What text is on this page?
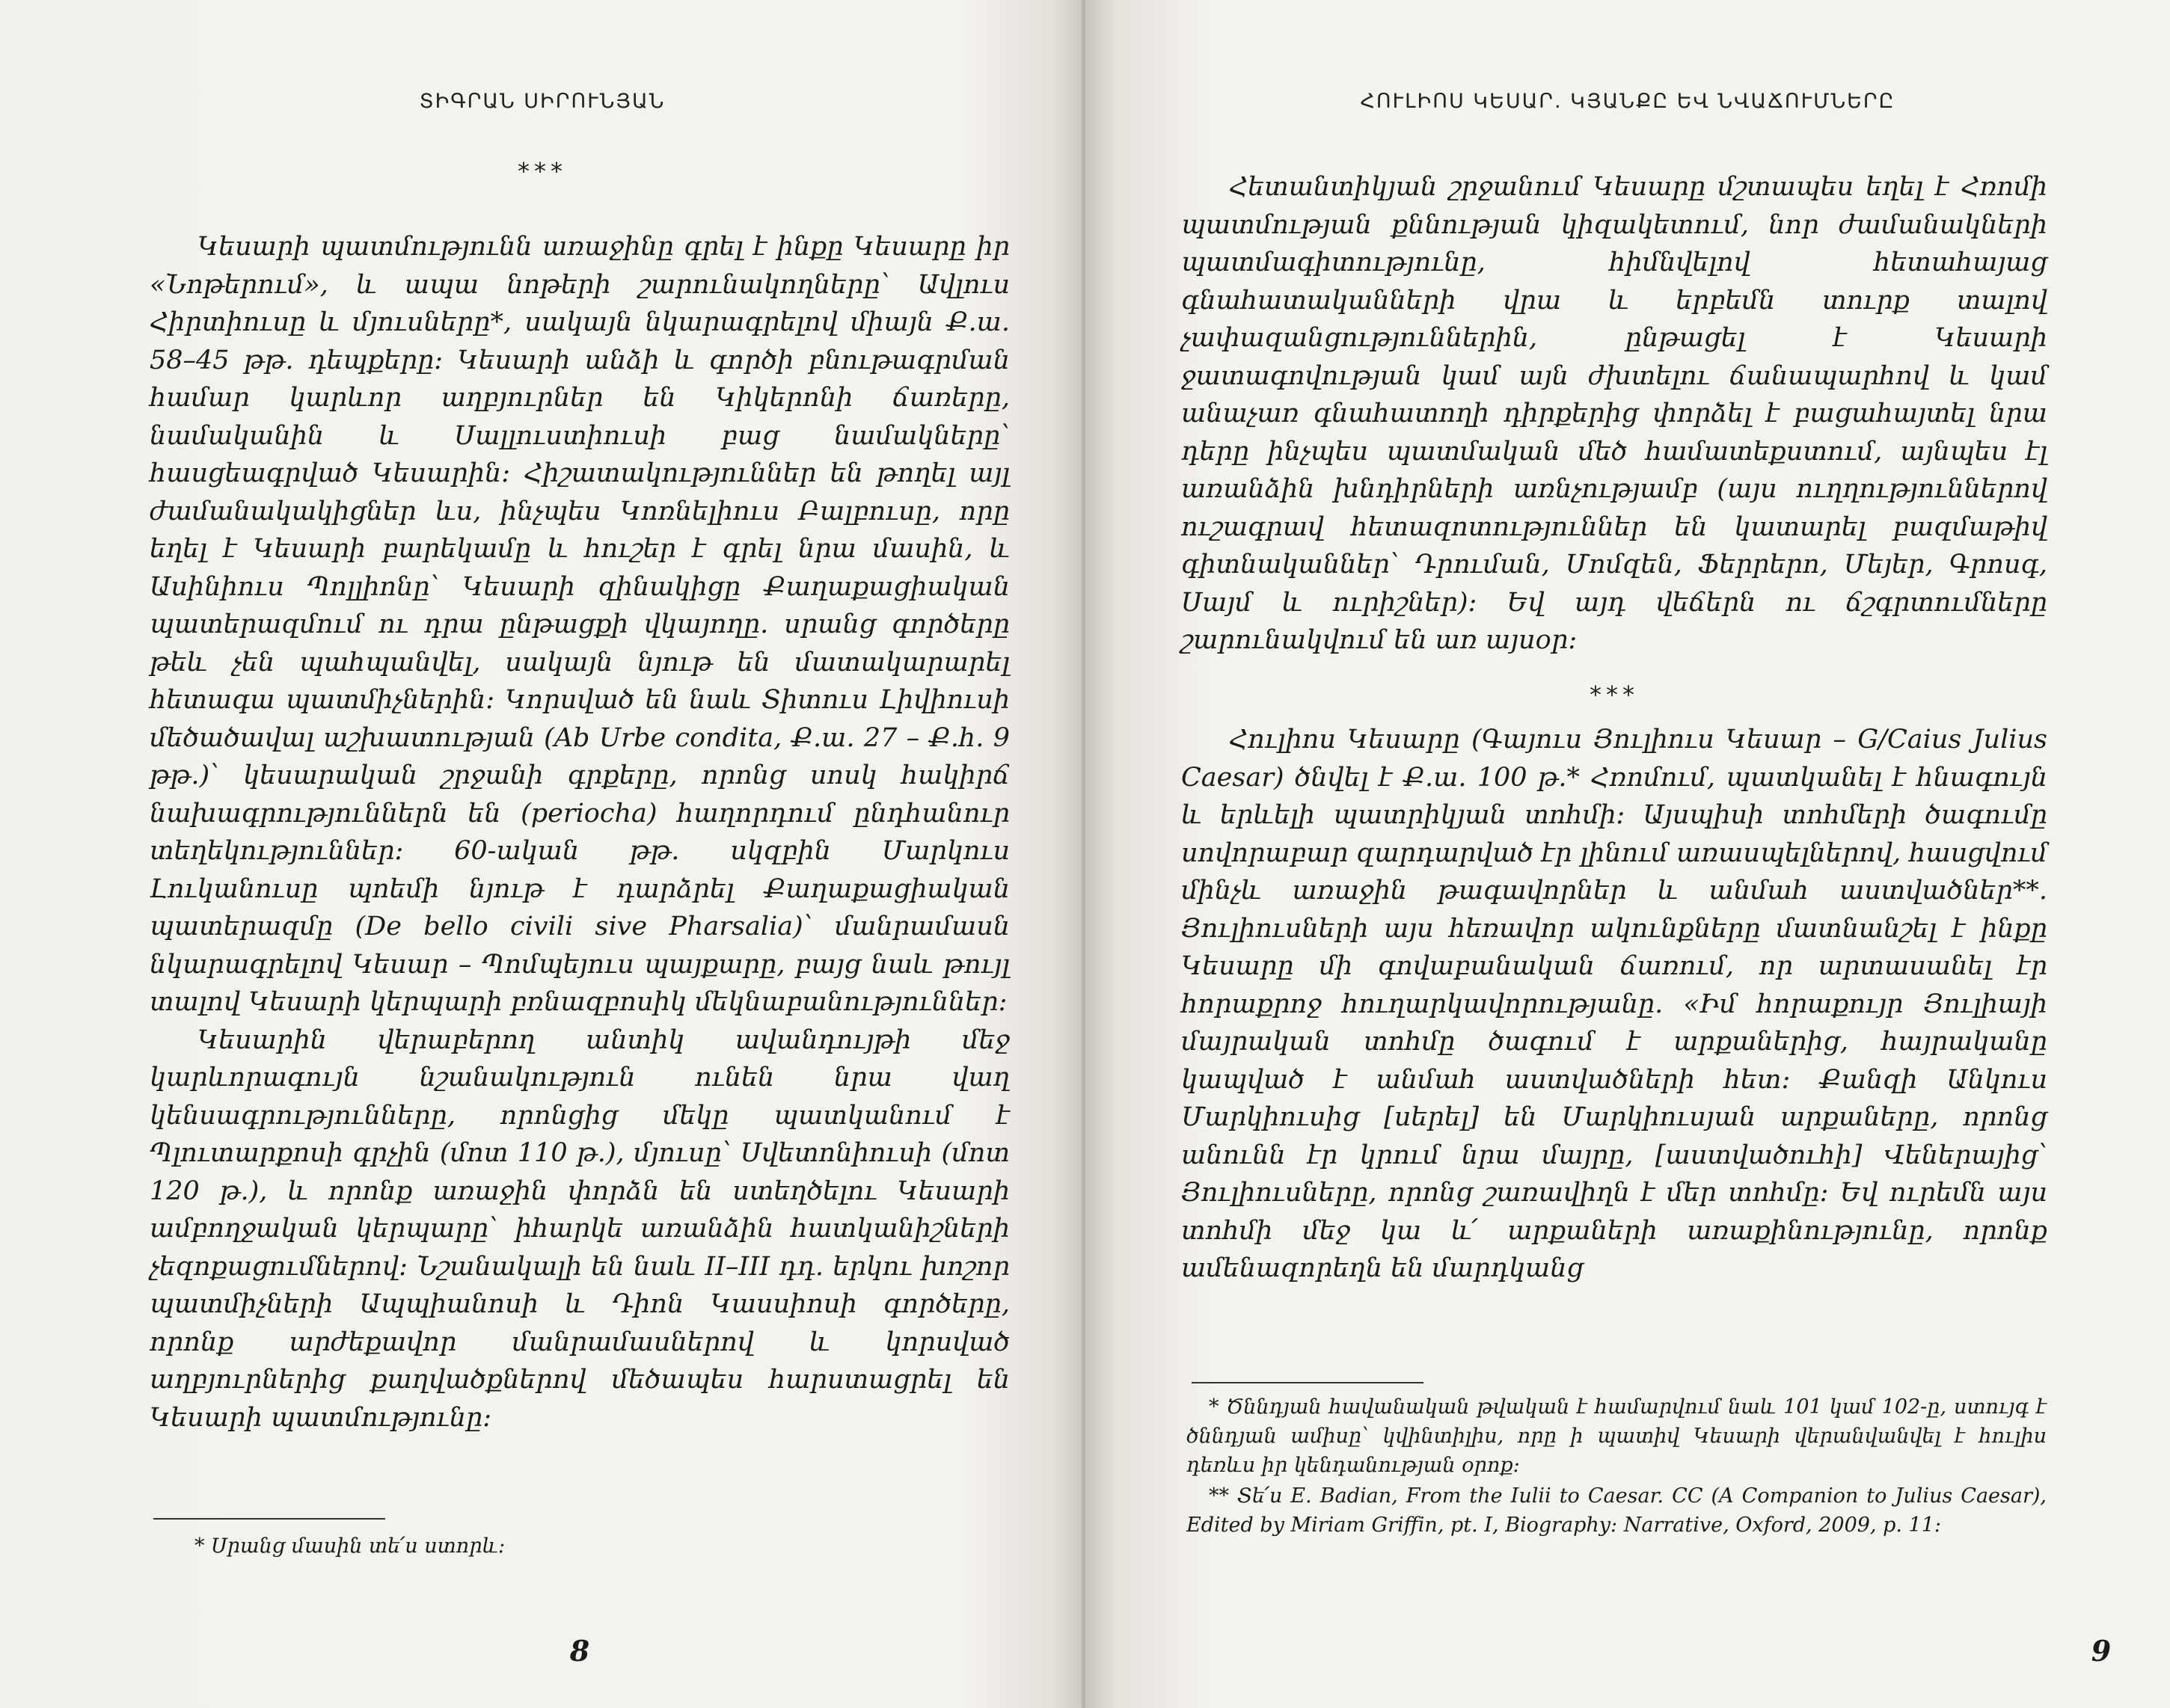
ՏԻԳՐԱՆ ՍԻՐՈՒՆՅԱՆ
***

Կեսարի պատմությունն առաջինը գրել է ինքը Կեսարը իր «Նոթերում», և ապա նոթերի շարունակողները՝ Ավլուս Հիրտիուսը և մյուսները*, սակայն նկարագրելով միայն Ք.ա. 58–45 թթ. դեպքերը: Կեսարի անձի և գործի բնութագրման համար կարևոր աղբյուրներ են Կիկերոնի ճառերը, նամականին և Սալլուստիուսի բաց նամակները՝ հասցեագրված Կեսարին: Հիշատակություններ են թողել այլ ժամանակակիցներ ևս, ինչպես Կոռնելիուս Բալբուսը, որը եղել է Կեսարի բարեկամը և հուշեր է գրել նրա մասին, և Ասինիուս Պոլլիոնը՝ Կեսարի զինակիցը Քաղաքացիական պատերազմում ու դրա ընթացքի վկայողը. սրանց գործերը թեև չեն պահպանվել, սակայն նյութ են մատակարարել հետագա պատմիչներին: Կորսված են նաև Տիտուս Լիվիուսի մեծածավալ աշխատության (Ab Urbe condita, Ք.ա. 27 – Ք.հ. 9 թթ.)՝ կեսարական շրջանի գրքերը, որոնց սոսկ հակիրճ նախագրություններն են (periocha) հաղորդում ընդհանուր տեղեկություններ: 60-ական թթ. սկզբին Մարկուս Լուկանուսը պոեմի նյութ է դարձրել Քաղաքացիական պատերազմը (De bello civili sive Pharsalia)՝ մանրամասն նկարագրելով Կեսար – Պոմպեյուս պայքարը, բայց նաև թույլ տալով Կեսարի կերպարի բռնազբոսիկ մեկնաբանություններ:

Կեսարին վերաբերող անտիկ ավանդույթի մեջ կարևորագույն նշանակություն ունեն նրա վաղ կենսագրությունները, որոնցից մեկը պատկանում է Պլուտարքոսի գրչին (մոտ 110 թ.), մյուսը՝ Սվետոնիուսի (մոտ 120 թ.), և որոնք առաջին փորձն են ստեղծելու Կեսարի ամբողջական կերպարը՝ իհարկե առանձին հատկանիշների չեզոքացումներով: Նշանակալի են նաև II–III դդ. երկու խոշոր պատմիչների Ապպիանոսի և Դիոն Կասսիոսի գործերը, որոնք արժեքավոր մանրամասներով և կորսված աղբյուրներից քաղվածքներով մեծապես հարստացրել են Կեսարի պատմությունը:

* Սրանց մասին տե՛ս ստորև:

8
ՀՈՒԼԻՈՍ ԿԵՍԱՐ. ԿՅԱՆՔԸ ԵՎ ՆՎԱՃՈՒՄՆԵՐԸ

Հետանտիկյան շրջանում Կեսարը մշտապես եղել է Հռոմի պատմության քննության կիզակետում, նոր ժամանակների պատմագիտությունը, հիմնվելով հետահայաց գնահատականների վրա և երբեմն տուրք տալով չափազանցություններին, ընթացել է Կեսարի ջատագովության կամ այն ժխտելու ճանապարհով և կամ անաչառ գնահատողի դիրքերից փորձել է բացահայտել նրա դերը ինչպես պատմական մեծ համատեքստում, այնպես էլ առանձին խնդիրների առնչությամբ (այս ուղղություններով ուշագրավ հետազոտություններ են կատարել բազմաթիվ գիտնականներ՝ Դրուման, Մոմզեն, Ֆերրերո, Մեյեր, Գրոսգ, Սայմ և ուրիշներ): Եվ այդ վեճերն ու ճշգրտումները շարունակվում են առ այսօր:

***

Հուլիոս Կեսարը (Գայուս Յուլիուս Կեսար – G/Caius Julius Caesar) ծնվել է Ք.ա. 100 թ.* Հռոմում, պատկանել է հնագույն և երևելի պատրիկյան տոհմի: Այսպիսի տոհմերի ծագումը սովորաբար զարդարված էր լինում առասպելներով, հասցվում մինչև առաջին թագավորներ և անմահ աստվածներ**. Յուլիուսների այս հեռավոր ակունքները մատնանշել է ինքը Կեսարը մի գովաբանական ճառում, որ արտասանել էր հորաքրոջ հուղարկավորությանը. «Իմ հորաքույր Յուլիայի մայրական տոհմը ծագում է արքաներից, հայրականը կապված է անմահ աստվածների հետ: Քանզի Անկուս Մարկիուսից [սերել] են Մարկիուսյան արքաները, որոնց անունն էր կրում նրա մայրը, [աստվածուհի] Վեներայից՝ Յուլիուսները, որոնց շառավիղն է մեր տոհմը: Եվ ուրեմն այս տոհմի մեջ կա և՛ արքաների առաքինությունը, որոնք ամենազորեղն են մարդկանց

* Ծննդյան հավանական թվական է համարվում նաև 101 կամ 102-ը, ստույգ է ծննդյան ամիսը՝ կվինտիլիս, որը ի պատիվ Կեսարի վերանվանվել է հուլիս դեռևս իր կենդանության օրոք:

** Տե՛ս E. Badian, From the Iulii to Caesar. CC (A Companion to Julius Caesar), Edited by Miriam Griffin, pt. I, Biography: Narrative, Oxford, 2009, p. 11:

9
